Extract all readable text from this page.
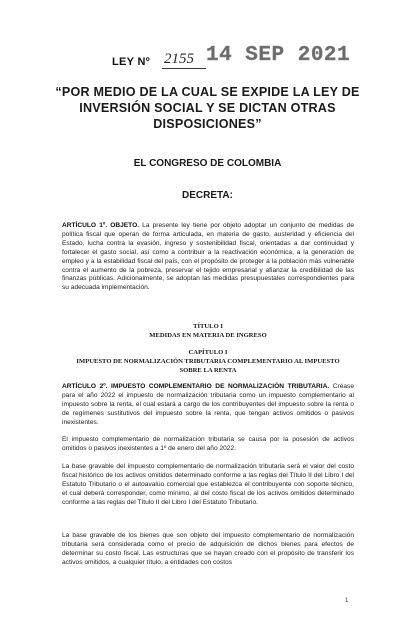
LEY Nº 2155 14 SEP 2021
“POR MEDIO DE LA CUAL SE EXPIDE LA LEY DE INVERSIÓN SOCIAL Y SE DICTAN OTRAS DISPOSICIONES”
EL CONGRESO DE COLOMBIA
DECRETA:
ARTÍCULO 1º. OBJETO. La presente ley tiene por objeto adoptar un conjunto de medidas de política fiscal que operan de forma articulada, en materia de gasto, austeridad y eficiencia del Estado, lucha contra la evasión, ingreso y sostenibilidad fiscal, orientadas a dar continuidad y fortalecer el gasto social, así como a contribuir a la reactivación económica, a la generación de empleo y a la estabilidad fiscal del país, con el propósito de proteger a la población más vulnerable contra el aumento de la pobreza, preservar el tejido empresarial y afianzar la credibilidad de las finanzas públicas. Adicionalmente, se adoptan las medidas presupuestales correspondientes para su adecuada implementación.
TÍTULO I
MEDIDAS EN MATERIA DE INGRESO
CAPÍTULO I
IMPUESTO DE NORMALIZACIÓN TRIBUTARIA COMPLEMENTARIO AL IMPUESTO SOBRE LA RENTA
ARTÍCULO 2º. IMPUESTO COMPLEMENTARIO DE NORMALIZACIÓN TRIBUTARIA. Créase para el año 2022 el impuesto de normalización tributaria como un impuesto complementario al impuesto sobre la renta, el cual estará a cargo de los contribuyentes del impuesto sobre la renta o de regímenes sustitutivos del impuesto sobre la renta, que tengan activos omitidos o pasivos inexistentes.
El impuesto complementario de normalización tributaria se causa por la posesión de activos omitidos o pasivos inexistentes a 1º de enero del año 2022.
La base gravable del impuesto complementario de normalización tributaria será el valor del costo fiscal histórico de los activos omitidos determinado conforme a las reglas del Título II del Libro I del Estatuto Tributario o el autoavalúo comercial que establezca el contribuyente con soporte técnico, el cual deberá corresponder, como mínimo, al del costo fiscal de los activos omitidos determinado conforme a las reglas del Título II del Libro I del Estatuto Tributario.
La base gravable de los bienes que son objeto del impuesto complementario de normalización tributaria será considerada como el precio de adquisición de dichos bienes para efectos de determinar su costo fiscal. Las estructuras que se hayan creado con el propósito de transferir los activos omitidos, a cualquier título, a entidades con costos
1
